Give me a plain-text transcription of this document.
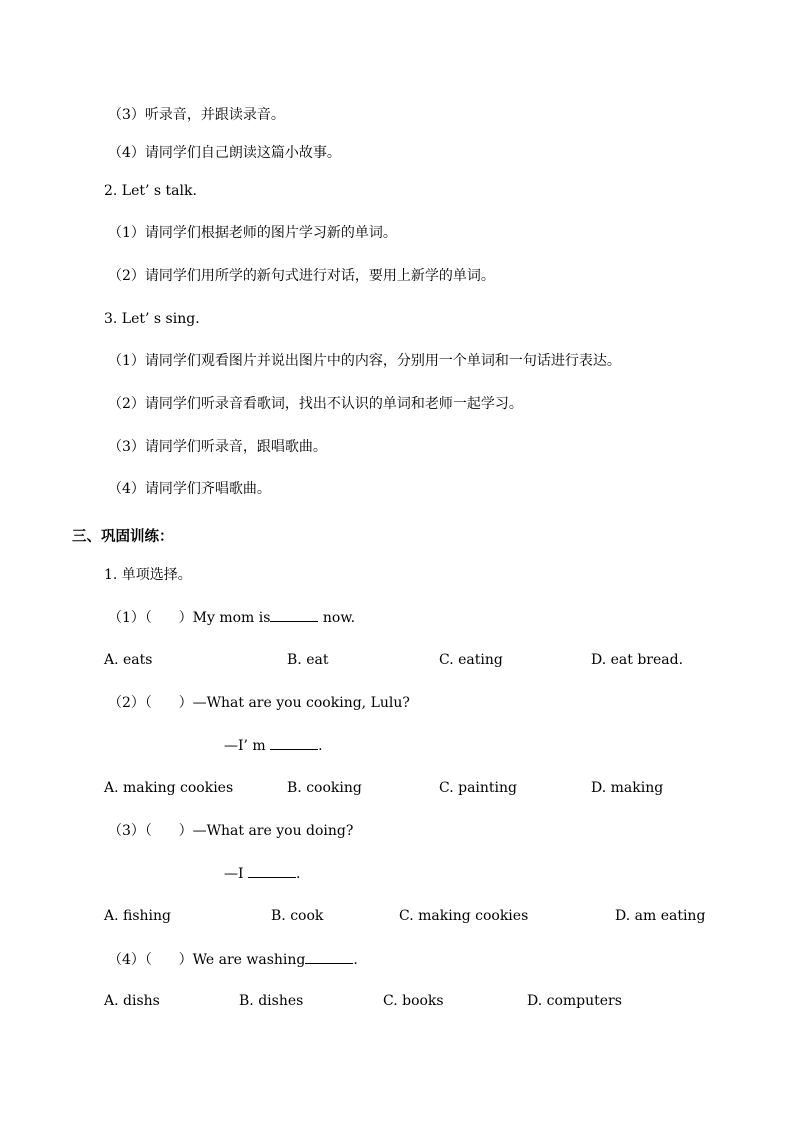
（3）听录音，并跟读录音。
（4）请同学们自己朗读这篇小故事。
2. Let’ s talk.
（1）请同学们根据老师的图片学习新的单词。
（2）请同学们用所学的新句式进行对话，要用上新学的单词。
3. Let’ s sing.
（1）请同学们观看图片并说出图片中的内容，分别用一个单词和一句话进行表达。
（2）请同学们听录音看歌词，找出不认识的单词和老师一起学习。
（3）请同学们听录音，跟唱歌曲。
（4）请同学们齐唱歌曲。
三、巩固训练：
1. 单项选择。
（1）（      ）My mom is	now.
A. eats	B. eat	C. eating	D. eat bread.
（2）（      ）—What are you cooking, Lulu?
—I’ m	.
A. making cookies	B. cooking	C. painting	D. making
（3）（      ）—What are you doing?
—I	.
A. fishing	B. cook	C. making cookies	D. am eating
（4）（      ）We are washing	.
A. dishs	B. dishes	C. books	D. computers
